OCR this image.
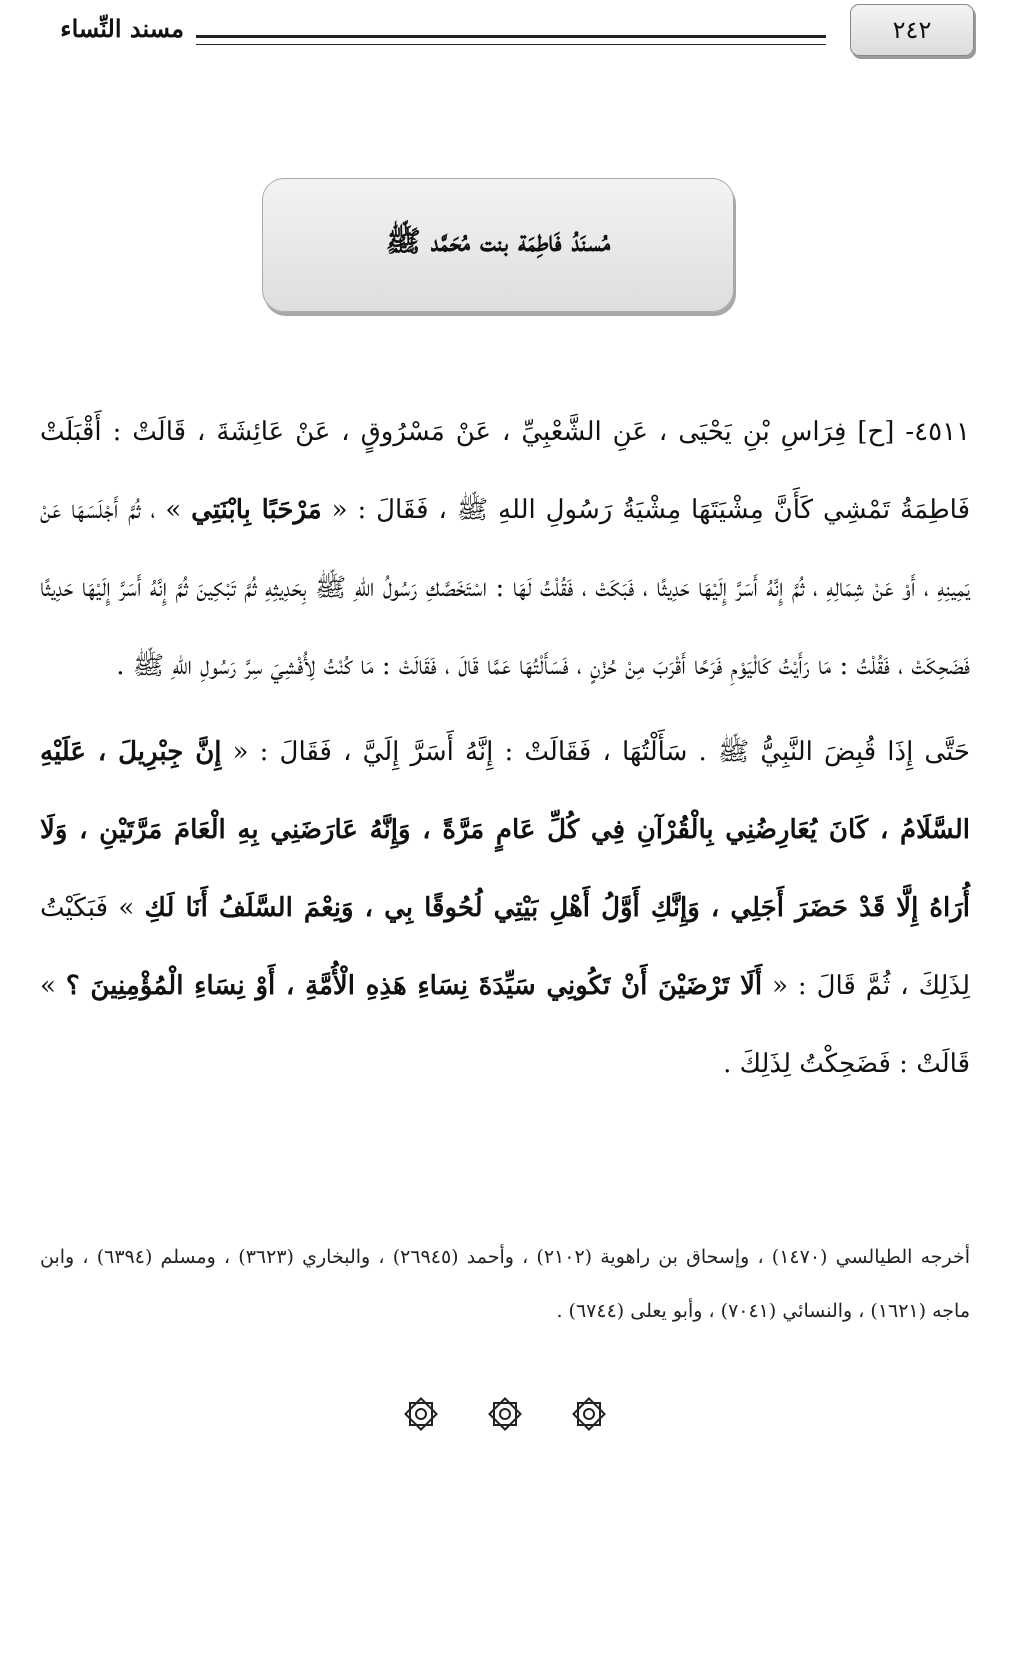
٢٤٢
مسند النِّساء
مُسنَدُ فَاطِمَة بنت مُحَمَّد ﷺ

٤٥١١- [ح] فِرَاسِ بْنِ يَحْيَى ، عَنِ الشَّعْبِيِّ ، عَنْ مَسْرُوقٍ ، عَنْ عَائِشَةَ ، قَالَتْ : أَقْبَلَتْ فَاطِمَةُ تَمْشِي كَأَنَّ مِشْيَتَهَا مِشْيَةُ رَسُولِ اللهِ ﷺ ، فَقَالَ : « مَرْحَبًا بِابْنَتِي » ، ثُمَّ أَجْلَسَهَا عَنْ يَمِينِهِ ، أَوْ عَنْ شِمَالِهِ ، ثُمَّ إِنَّهُ أَسَرَّ إِلَيْهَا حَدِيثًا ، فَبَكَتْ ، فَقُلْتُ لَهَا : اسْتَخَصَّكِ رَسُولُ اللهِ ﷺ بِحَدِيثِهِ ثُمَّ تَبْكِينَ ثُمَّ إِنَّهُ أَسَرَّ إِلَيْهَا حَدِيثًا فَضَحِكَتْ ، فَقُلْتُ : مَا رَأَيْتُ كَالْيَوْمِ فَرَحًا أَقْرَبَ مِنْ حُزْنٍ ، فَسَأَلْتُهَا عَمَّا قَالَ ، فَقَالَتْ : مَا كُنْتُ لِأُفْشِيَ سِرَّ رَسُولِ اللهِ ﷺ .

حَتَّى إِذَا قُبِضَ النَّبِيُّ ﷺ . سَأَلْتُهَا ، فَقَالَتْ : إِنَّهُ أَسَرَّ إِلَيَّ ، فَقَالَ : « إِنَّ جِبْرِيلَ ، عَلَيْهِ السَّلَامُ ، كَانَ يُعَارِضُنِي بِالْقُرْآنِ فِي كُلِّ عَامٍ مَرَّةً ، وَإِنَّهُ عَارَضَنِي بِهِ الْعَامَ مَرَّتَيْنِ ، وَلَا أُرَاهُ إِلَّا قَدْ حَضَرَ أَجَلِي ، وَإِنَّكِ أَوَّلُ أَهْلِ بَيْتِي لُحُوقًا بِي ، وَنِعْمَ السَّلَفُ أَنَا لَكِ » فَبَكَيْتُ لِذَلِكَ ، ثُمَّ قَالَ : « أَلَا تَرْضَيْنَ أَنْ تَكُونِي سَيِّدَةَ نِسَاءِ هَذِهِ الْأُمَّةِ ، أَوْ نِسَاءِ الْمُؤْمِنِينَ ؟ » قَالَتْ : فَضَحِكْتُ لِذَلِكَ .

أخرجه الطيالسي (١٤٧٠) ، وإسحاق بن راهوية (٢١٠٢) ، وأحمد (٢٦٩٤٥) ، والبخاري (٣٦٢٣) ، ومسلم (٦٣٩٤) ، وابن ماجه (١٦٢١) ، والنسائي (٧٠٤١) ، وأبو يعلى (٦٧٤٤) .
